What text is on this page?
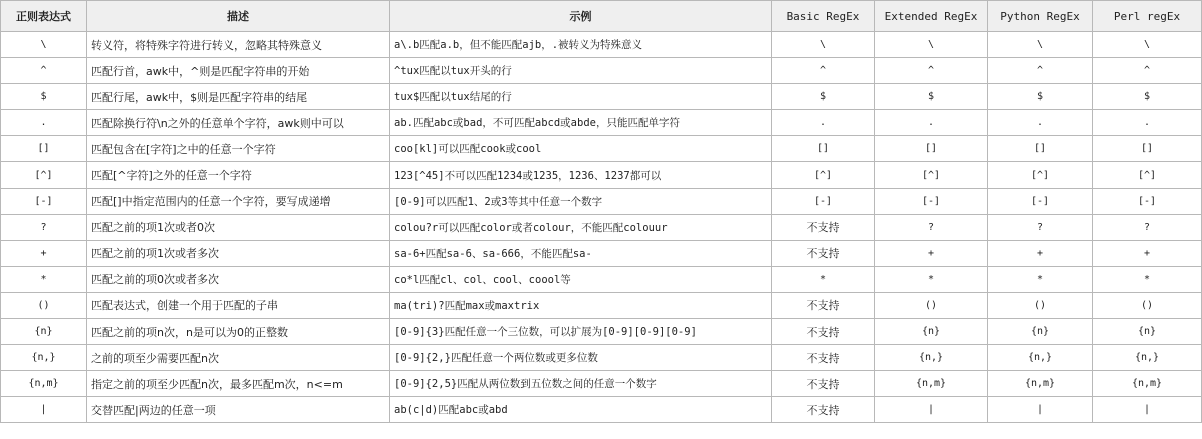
正则表达式	描述	示例	Basic RegEx	Extended RegEx	Python RegEx	Perl regEx
\	转义符，将特殊字符进行转义，忽略其特殊意义	a\.b匹配a.b，但不能匹配ajb，.被转义为特殊意义	\	\	\	\
^	匹配行首，awk中，^则是匹配字符串的开始	^tux匹配以tux开头的行	^	^	^	^
$	匹配行尾，awk中，$则是匹配字符串的结尾	tux$匹配以tux结尾的行	$	$	$	$
.	匹配除换行符\n之外的任意单个字符，awk则中可以	ab.匹配abc或bad，不可匹配abcd或abde，只能匹配单字符	.	.	.	.
[]	匹配包含在[字符]之中的任意一个字符	coo[kl]可以匹配cook或cool	[]	[]	[]	[]
[^]	匹配[^字符]之外的任意一个字符	123[^45]不可以匹配1234或1235，1236、1237都可以	[^]	[^]	[^]	[^]
[-]	匹配[]中指定范围内的任意一个字符，要写成递增	[0-9]可以匹配1、2或3等其中任意一个数字	[-]	[-]	[-]	[-]
?	匹配之前的项1次或者0次	colou?r可以匹配color或者colour，不能匹配colouur	不支持	?	?	?
+	匹配之前的项1次或者多次	sa-6+匹配sa-6、sa-666，不能匹配sa-	不支持	+	+	+
*	匹配之前的项0次或者多次	co*l匹配cl、col、cool、coool等	*	*	*	*
()	匹配表达式，创建一个用于匹配的子串	ma(tri)?匹配max或maxtrix	不支持	()	()	()
{n}	匹配之前的项n次，n是可以为0的正整数	[0-9]{3}匹配任意一个三位数，可以扩展为[0-9][0-9][0-9]	不支持	{n}	{n}	{n}
{n,}	之前的项至少需要匹配n次	[0-9]{2,}匹配任意一个两位数或更多位数	不支持	{n,}	{n,}	{n,}
{n,m}	指定之前的项至少匹配n次，最多匹配m次，n<=m	[0-9]{2,5}匹配从两位数到五位数之间的任意一个数字	不支持	{n,m}	{n,m}	{n,m}
|	交替匹配|两边的任意一项	ab(c|d)匹配abc或abd	不支持	|	|	|
